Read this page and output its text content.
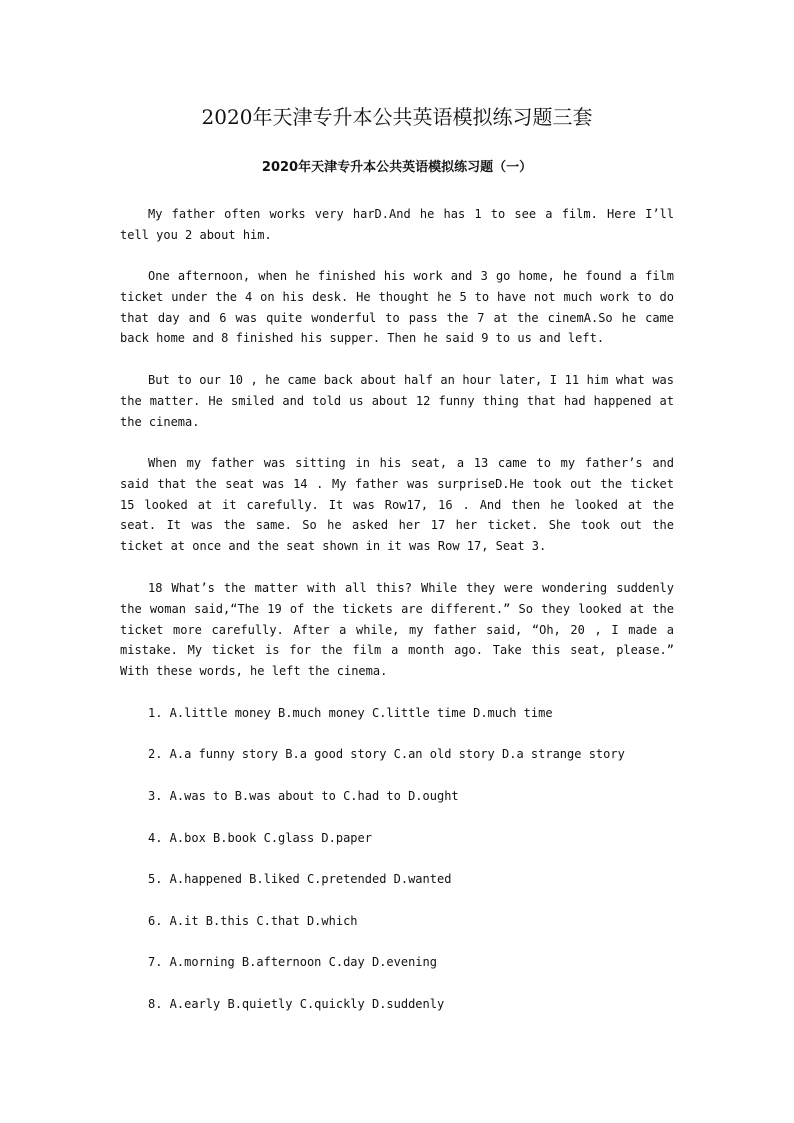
2020年天津专升本公共英语模拟练习题三套
2020年天津专升本公共英语模拟练习题（一）

My father often works very harD.And he has 1 to see a film. Here I’ll tell you 2 about him.

One afternoon, when he finished his work and 3 go home, he found a film ticket under the 4 on his desk. He thought he 5 to have not much work to do that day and 6 was quite wonderful to pass the 7 at the cinemA.So he came back home and 8 finished his supper. Then he said 9 to us and left.

But to our 10 , he came back about half an hour later, I 11 him what was the matter. He smiled and told us about 12 funny thing that had happened at the cinema.

When my father was sitting in his seat, a 13 came to my father’s and said that the seat was 14 . My father was surpriseD.He took out the ticket 15 looked at it carefully. It was Row17, 16 . And then he looked at the seat. It was the same. So he asked her 17 her ticket. She took out the ticket at once and the seat shown in it was Row 17, Seat 3.

18 What’s the matter with all this? While they were wondering suddenly the woman said,“The 19 of the tickets are different.” So they looked at the ticket more carefully. After a while, my father said, “Oh, 20 , I made a mistake. My ticket is for the film a month ago. Take this seat, please.” With these words, he left the cinema.

1. A.little money B.much money C.little time D.much time

2. A.a funny story B.a good story C.an old story D.a strange story

3. A.was to B.was about to C.had to D.ought

4. A.box B.book C.glass D.paper

5. A.happened B.liked C.pretended D.wanted

6. A.it B.this C.that D.which

7. A.morning B.afternoon C.day D.evening

8. A.early B.quietly C.quickly D.suddenly
